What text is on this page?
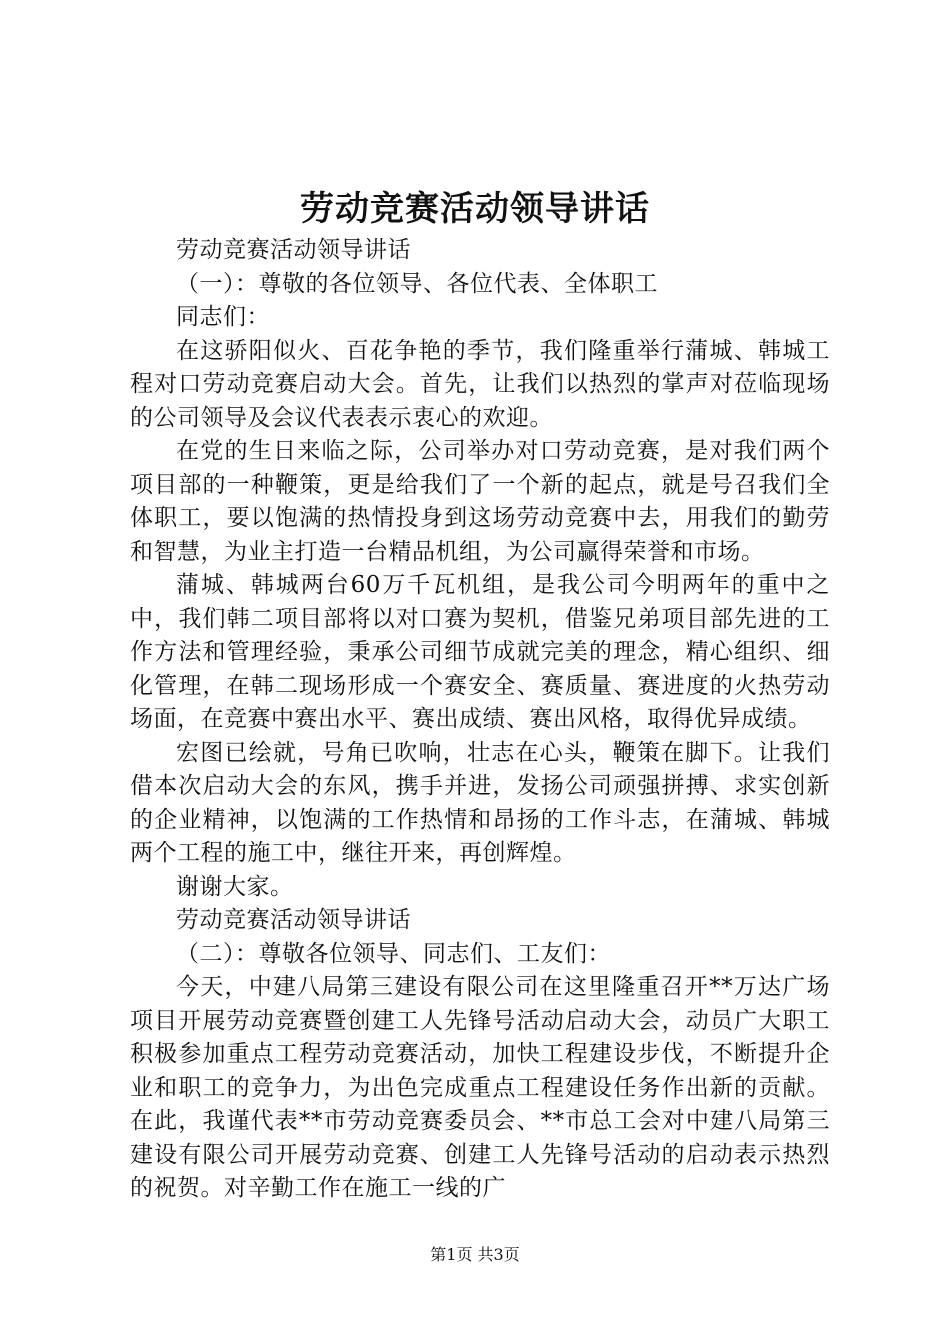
劳动竞赛活动领导讲话

劳动竞赛活动领导讲话

（一）：尊敬的各位领导、各位代表、全体职工

同志们：

在这骄阳似火、百花争艳的季节，我们隆重举行蒲城、韩城工程对口劳动竞赛启动大会。首先，让我们以热烈的掌声对莅临现场的公司领导及会议代表表示衷心的欢迎。

在党的生日来临之际，公司举办对口劳动竞赛，是对我们两个项目部的一种鞭策，更是给我们了一个新的起点，就是号召我们全体职工，要以饱满的热情投身到这场劳动竞赛中去，用我们的勤劳和智慧，为业主打造一台精品机组，为公司赢得荣誉和市场。

蒲城、韩城两台60万千瓦机组，是我公司今明两年的重中之中，我们韩二项目部将以对口赛为契机，借鉴兄弟项目部先进的工作方法和管理经验，秉承公司细节成就完美的理念，精心组织、细化管理，在韩二现场形成一个赛安全、赛质量、赛进度的火热劳动场面，在竞赛中赛出水平、赛出成绩、赛出风格，取得优异成绩。

宏图已绘就，号角已吹响，壮志在心头，鞭策在脚下。让我们借本次启动大会的东风，携手并进，发扬公司顽强拼搏、求实创新的企业精神，以饱满的工作热情和昂扬的工作斗志，在蒲城、韩城两个工程的施工中，继往开来，再创辉煌。

谢谢大家。

劳动竞赛活动领导讲话

（二）：尊敬各位领导、同志们、工友们：

今天，中建八局第三建设有限公司在这里隆重召开**万达广场项目开展劳动竞赛暨创建工人先锋号活动启动大会，动员广大职工积极参加重点工程劳动竞赛活动，加快工程建设步伐，不断提升企业和职工的竞争力，为出色完成重点工程建设任务作出新的贡献。在此，我谨代表**市劳动竞赛委员会、**市总工会对中建八局第三建设有限公司开展劳动竞赛、创建工人先锋号活动的启动表示热烈的祝贺。对辛勤工作在施工一线的广

第1页 共3页
